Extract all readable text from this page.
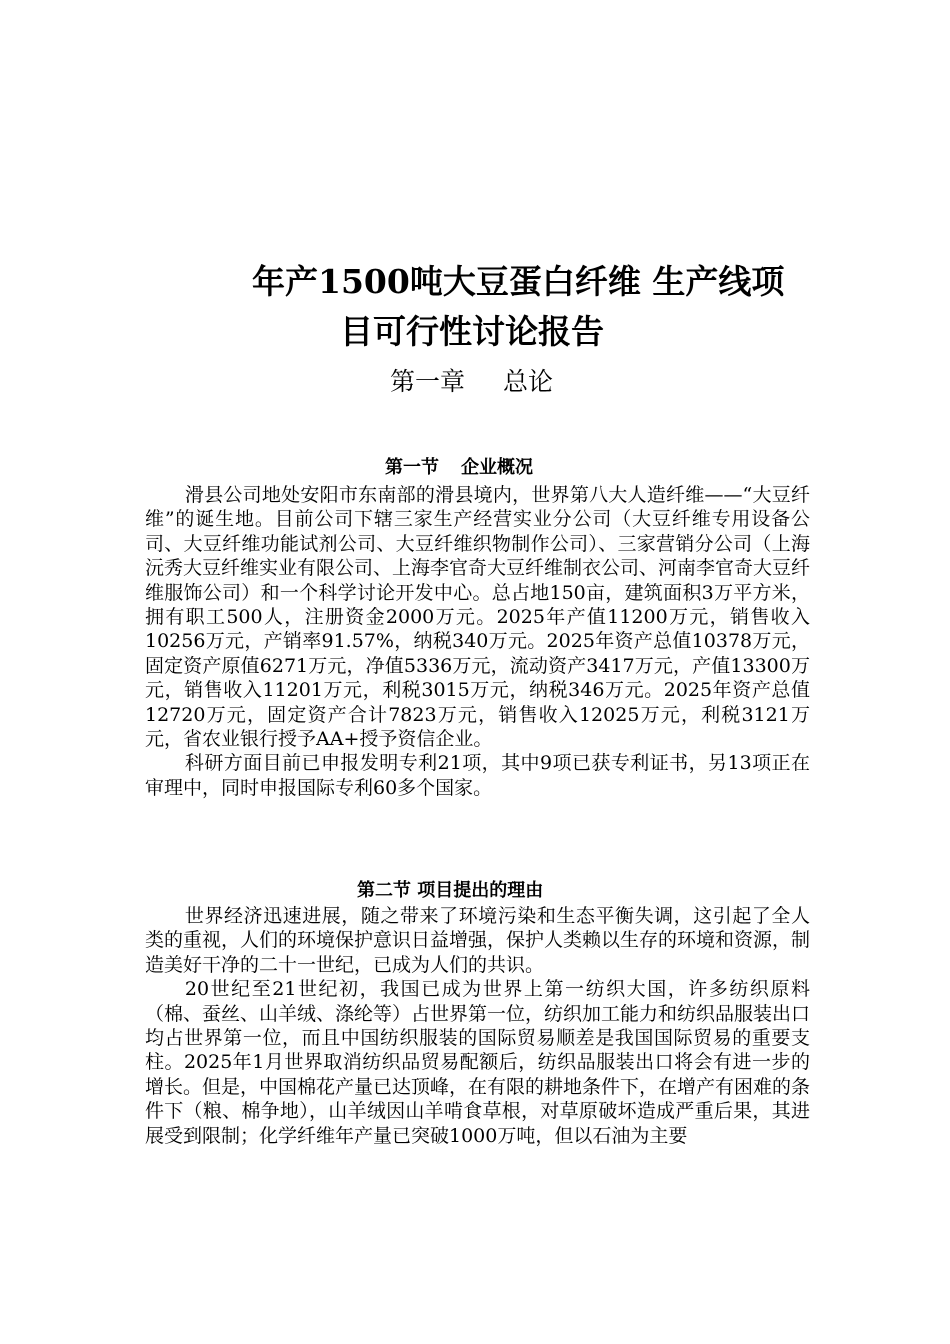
年产1500吨大豆蛋白纤维 生产线项
目可行性讨论报告
第一章 总论
第一节 企业概况

滑县公司地处安阳市东南部的滑县境内，世界第八大人造纤维——“大豆纤维”的诞生地。目前公司下辖三家生产经营实业分公司（大豆纤维专用设备公司、大豆纤维功能试剂公司、大豆纤维织物制作公司）、三家营销分公司（上海沅秀大豆纤维实业有限公司、上海李官奇大豆纤维制衣公司、河南李官奇大豆纤维服饰公司）和一个科学讨论开发中心。总占地150亩，建筑面积3万平方米，拥有职工500人，注册资金2000万元。2025年产值11200万元，销售收入10256万元，产销率91.57%，纳税340万元。2025年资产总值10378万元，固定资产原值6271万元，净值5336万元，流动资产3417万元，产值13300万元，销售收入11201万元，利税3015万元，纳税346万元。2025年资产总值12720万元，固定资产合计7823万元，销售收入12025万元，利税3121万元，省农业银行授予AA+授予资信企业。

科研方面目前已申报发明专利21项，其中9项已获专利证书，另13项正在审理中，同时申报国际专利60多个国家。

第二节 项目提出的理由

世界经济迅速进展，随之带来了环境污染和生态平衡失调，这引起了全人类的重视，人们的环境保护意识日益增强，保护人类赖以生存的环境和资源，制造美好干净的二十一世纪，已成为人们的共识。

20世纪至21世纪初，我国已成为世界上第一纺织大国，许多纺织原料（棉、蚕丝、山羊绒、涤纶等）占世界第一位，纺织加工能力和纺织品服装出口均占世界第一位，而且中国纺织服装的国际贸易顺差是我国国际贸易的重要支柱。2025年1月世界取消纺织品贸易配额后，纺织品服装出口将会有进一步的增长。但是，中国棉花产量已达顶峰，在有限的耕地条件下，在增产有困难的条件下（粮、棉争地），山羊绒因山羊啃食草根，对草原破坏造成严重后果，其进展受到限制；化学纤维年产量已突破1000万吨，但以石油为主要
